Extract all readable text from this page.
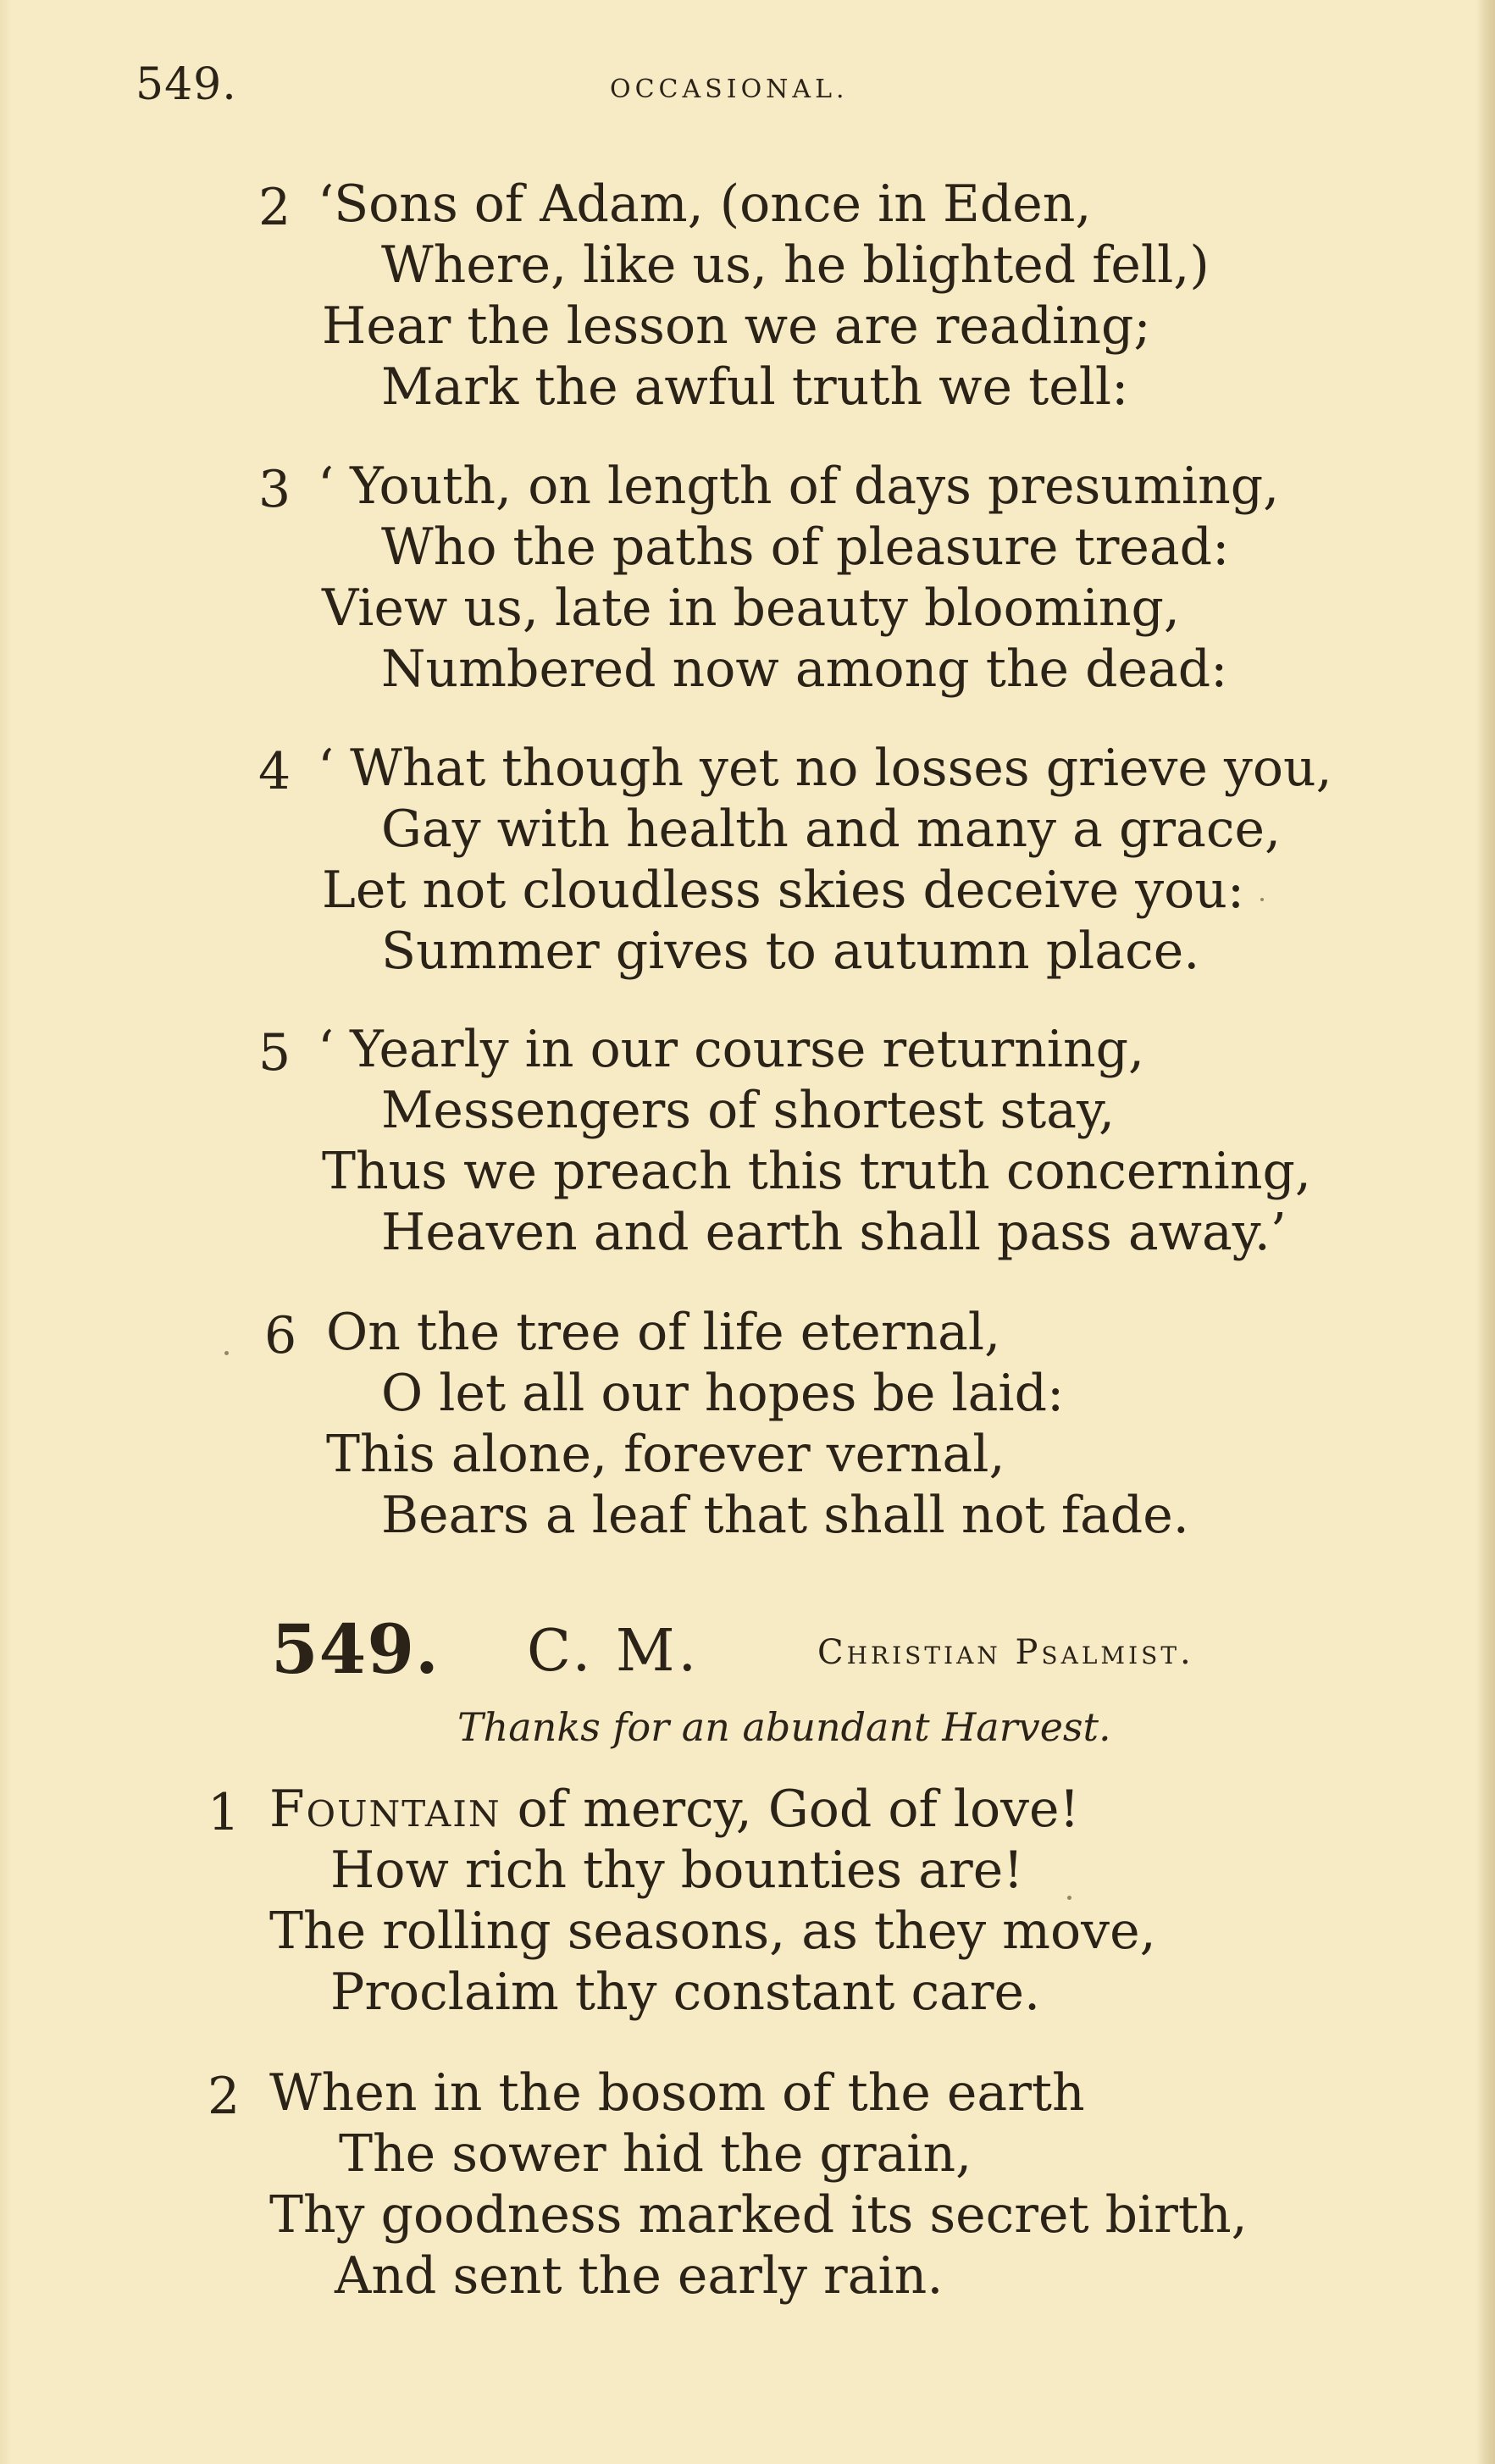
549.	OCCASIONAL.
2 ‘Sons of Adam, (once in Eden,
Where, like us, he blighted fell,)
Hear the lesson we are reading;
Mark the awful truth we tell:
3 ‘ Youth, on length of days presuming,
Who the paths of pleasure tread:
View us, late in beauty blooming,
Numbered now among the dead:
4 ‘ What though yet no losses grieve you,
Gay with health and many a grace,
Let not cloudless skies deceive you:
Summer gives to autumn place.
5 ‘ Yearly in our course returning,
Messengers of shortest stay,
Thus we preach this truth concerning,
Heaven and earth shall pass away.’
6 On the tree of life eternal,
O let all our hopes be laid:
This alone, forever vernal,
Bears a leaf that shall not fade.
549. C. M.	Christian Psalmist.
Thanks for an abundant Harvest.
1 Fountain of mercy, God of love!
How rich thy bounties are!
The rolling seasons, as they move,
Proclaim thy constant care.
2 When in the bosom of the earth
The sower hid the grain,
Thy goodness marked its secret birth,
And sent the early rain.
